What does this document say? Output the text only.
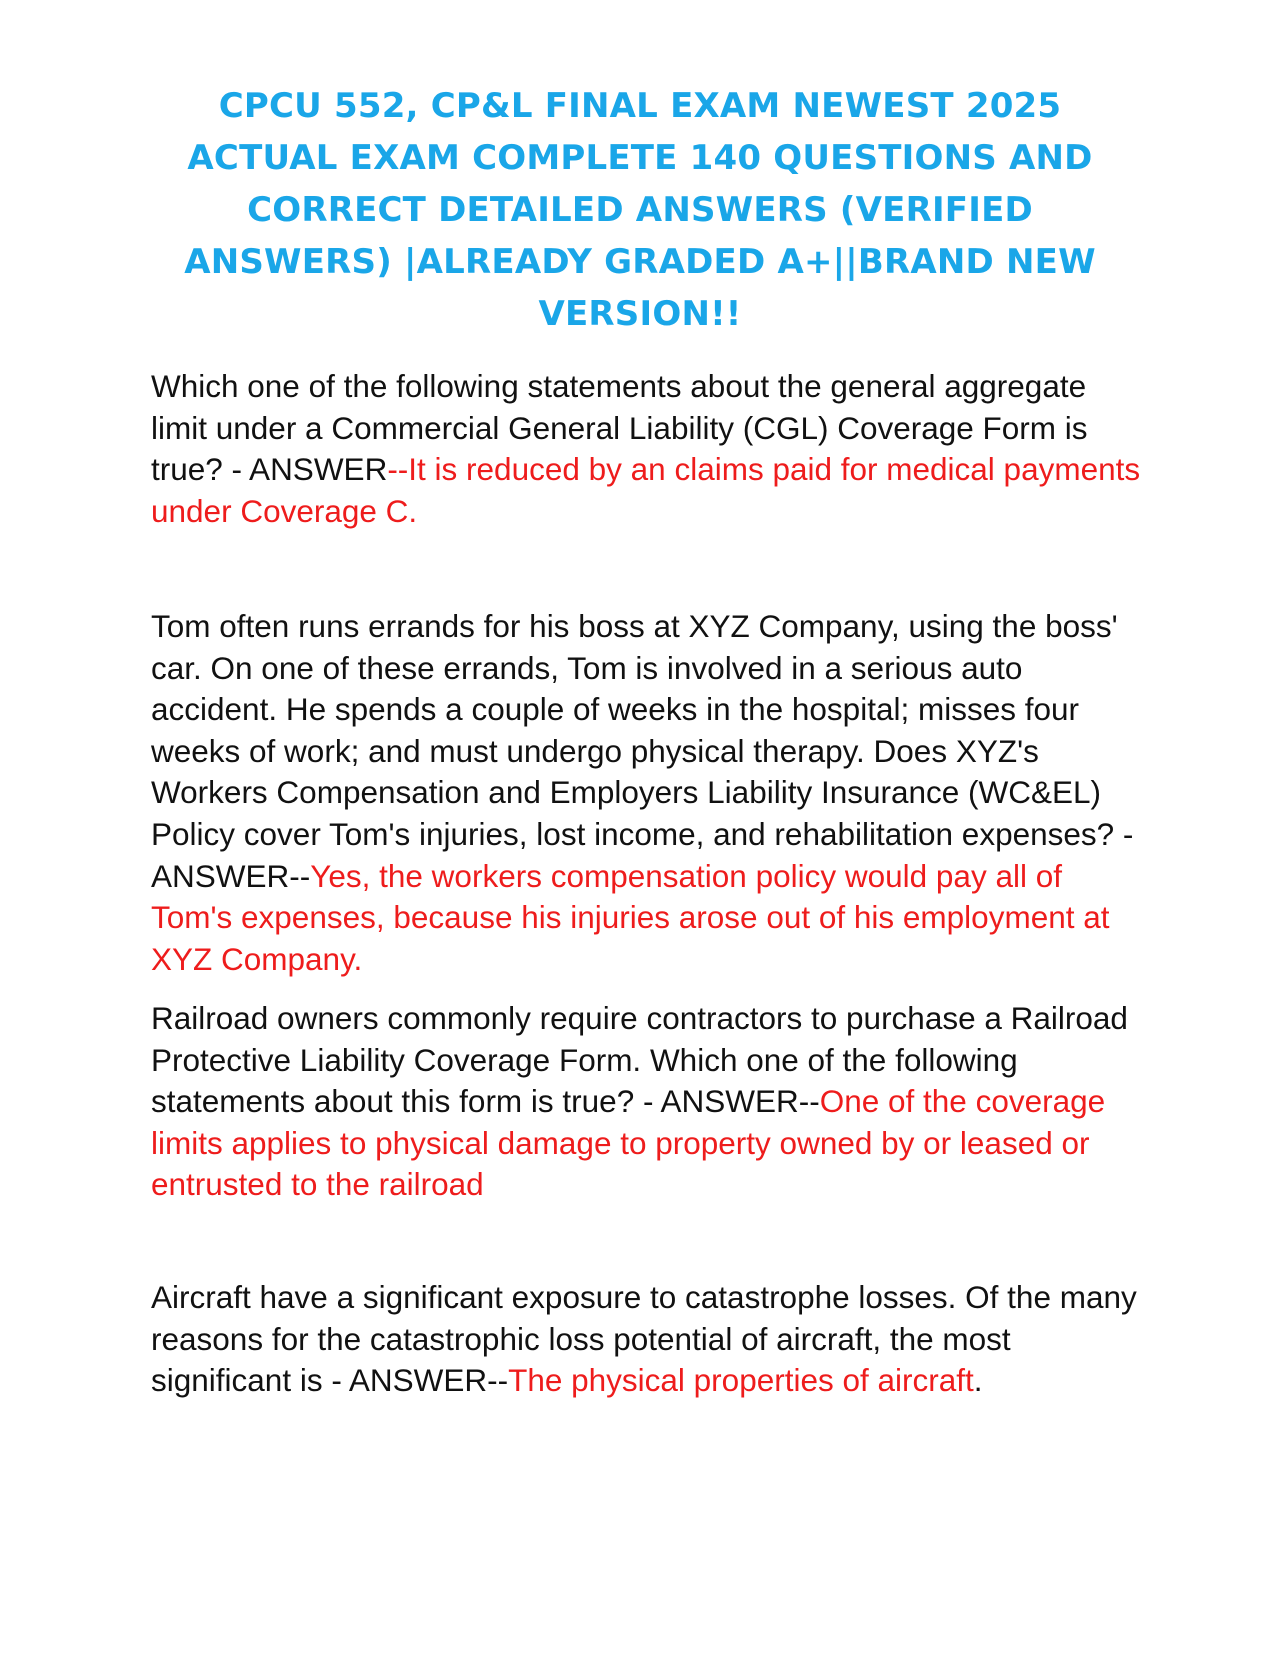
CPCU 552, CP&L FINAL EXAM NEWEST 2025 ACTUAL EXAM COMPLETE 140 QUESTIONS AND CORRECT DETAILED ANSWERS (VERIFIED ANSWERS) |ALREADY GRADED A+||BRAND NEW VERSION!!

Which one of the following statements about the general aggregate limit under a Commercial General Liability (CGL) Coverage Form is true? - ANSWER--It is reduced by an claims paid for medical payments under Coverage C.

Tom often runs errands for his boss at XYZ Company, using the boss' car. On one of these errands, Tom is involved in a serious auto accident. He spends a couple of weeks in the hospital; misses four weeks of work; and must undergo physical therapy. Does XYZ's Workers Compensation and Employers Liability Insurance (WC&EL) Policy cover Tom's injuries, lost income, and rehabilitation expenses? - ANSWER--Yes, the workers compensation policy would pay all of Tom's expenses, because his injuries arose out of his employment at XYZ Company.

Railroad owners commonly require contractors to purchase a Railroad Protective Liability Coverage Form. Which one of the following statements about this form is true? - ANSWER--One of the coverage limits applies to physical damage to property owned by or leased or entrusted to the railroad

Aircraft have a significant exposure to catastrophe losses. Of the many reasons for the catastrophic loss potential of aircraft, the most significant is - ANSWER--The physical properties of aircraft.
